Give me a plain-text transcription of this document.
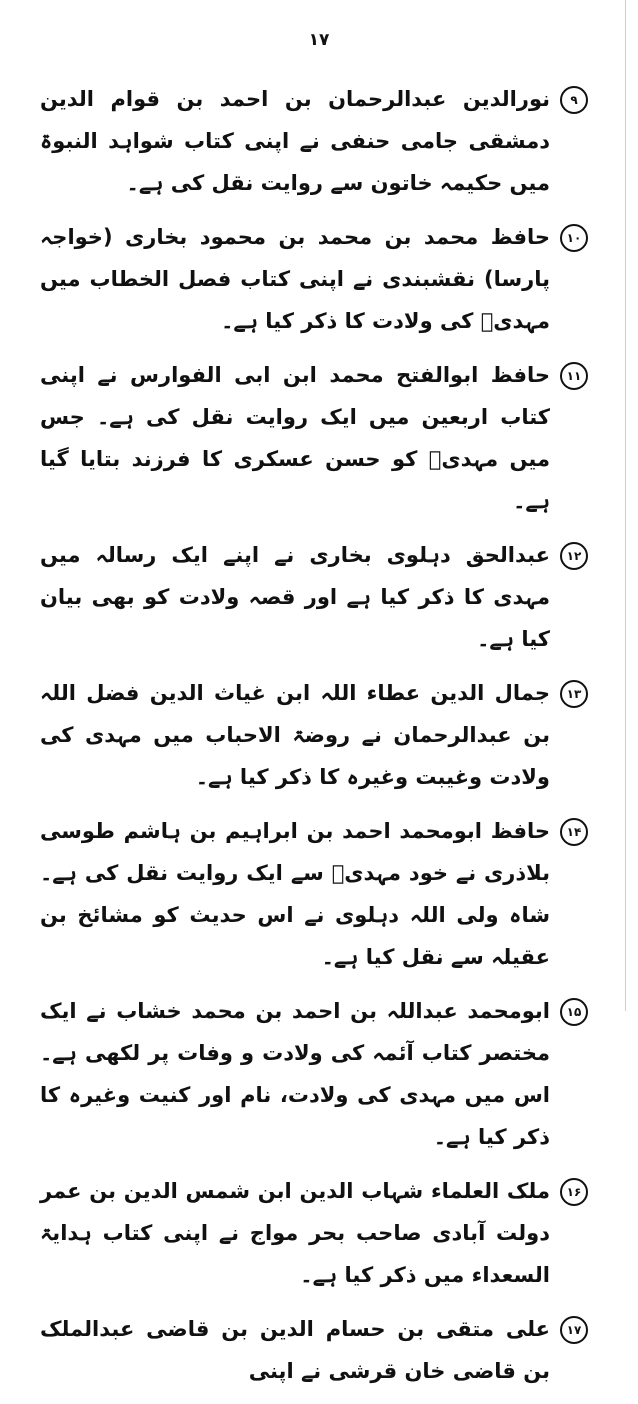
۱۷
۹
نورالدین عبدالرحمان بن احمد بن قوام الدین دمشقی جامی حنفی نے اپنی کتاب شواہد النبوۃ میں حکیمہ خاتون سے روایت نقل کی ہے۔
۱۰
حافظ محمد بن محمد بن محمود بخاری (خواجہ پارسا) نقشبندی نے اپنی کتاب فصل الخطاب میں مہدیؑ کی ولادت کا ذکر کیا ہے۔
۱۱
حافظ ابوالفتح محمد ابن ابی الفوارس نے اپنی کتاب اربعین میں ایک روایت نقل کی ہے۔ جس میں مہدیؑ کو حسن عسکری کا فرزند بتایا گیا ہے۔
۱۲
عبدالحق دہلوی بخاری نے اپنے ایک رسالہ میں مہدی کا ذکر کیا ہے اور قصہ ولادت کو بھی بیان کیا ہے۔
۱۳
جمال الدین عطاء اللہ ابن غیاث الدین فضل اللہ بن عبدالرحمان نے روضۃ الاحباب میں مہدی کی ولادت وغیبت وغیرہ کا ذکر کیا ہے۔
۱۴
حافظ ابومحمد احمد بن ابراہیم بن ہاشم طوسی بلاذری نے خود مہدیؑ سے ایک روایت نقل کی ہے۔ شاہ ولی اللہ دہلوی نے اس حدیث کو مشائخ بن عقیلہ سے نقل کیا ہے۔
۱۵
ابومحمد عبداللہ بن احمد بن محمد خشاب نے ایک مختصر کتاب آئمہ کی ولادت و وفات پر لکھی ہے۔ اس میں مہدی کی ولادت، نام اور کنیت وغیرہ کا ذکر کیا ہے۔
۱۶
ملک العلماء شہاب الدین ابن شمس الدین بن عمر دولت آبادی صاحب بحر مواج نے اپنی کتاب ہدایۃ السعداء میں ذکر کیا ہے۔
۱۷
علی متقی بن حسام الدین بن قاضی عبدالملک بن قاضی خان قرشی نے اپنی
